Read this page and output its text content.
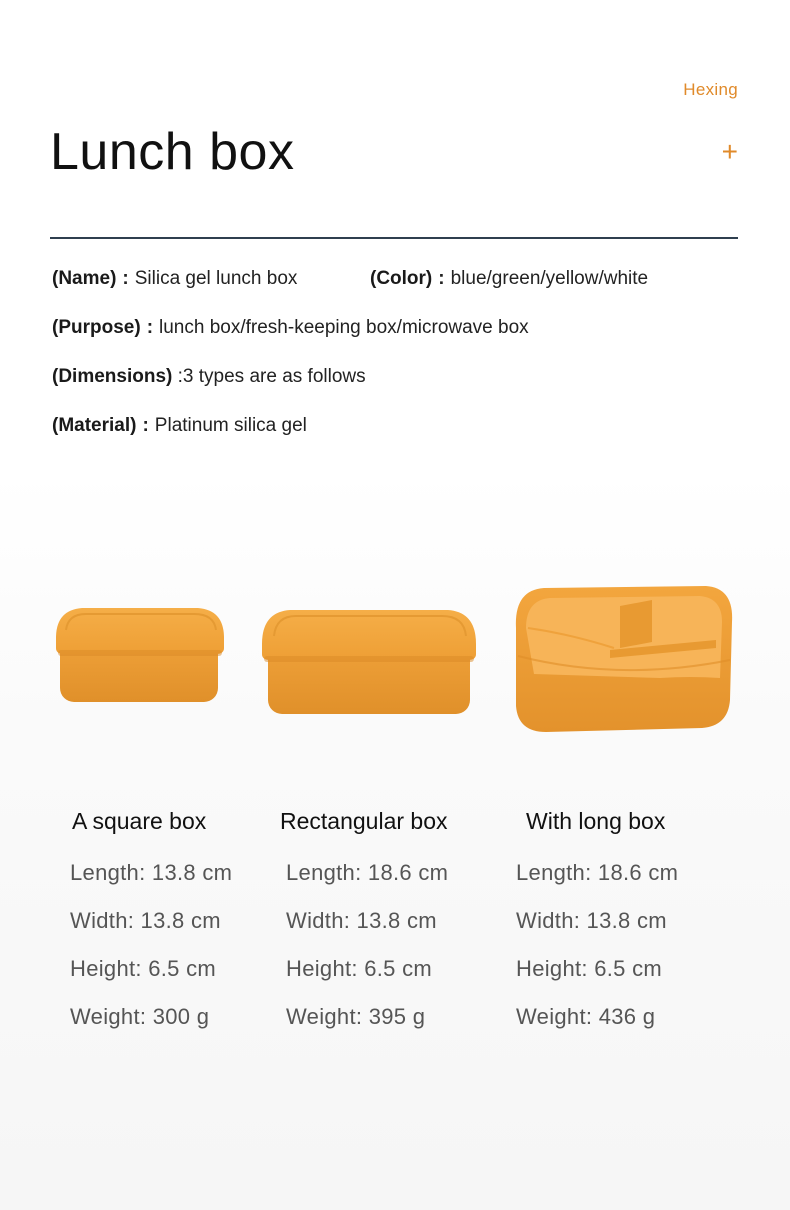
Hexing
Lunch box	+
(Name) : Silica gel lunch box	(Color) : blue/green/yellow/white
(Purpose) : lunch box/fresh-keeping box/microwave box
(Dimensions) :3 types are as follows
(Material) : Platinum silica gel
A square box
Length: 13.8 cm
Width: 13.8 cm
Height: 6.5 cm
Weight: 300 g
Rectangular box
Length: 18.6 cm
Width: 13.8 cm
Height: 6.5 cm
Weight: 395 g
With long box
Length: 18.6 cm
Width: 13.8 cm
Height: 6.5 cm
Weight: 436 g
